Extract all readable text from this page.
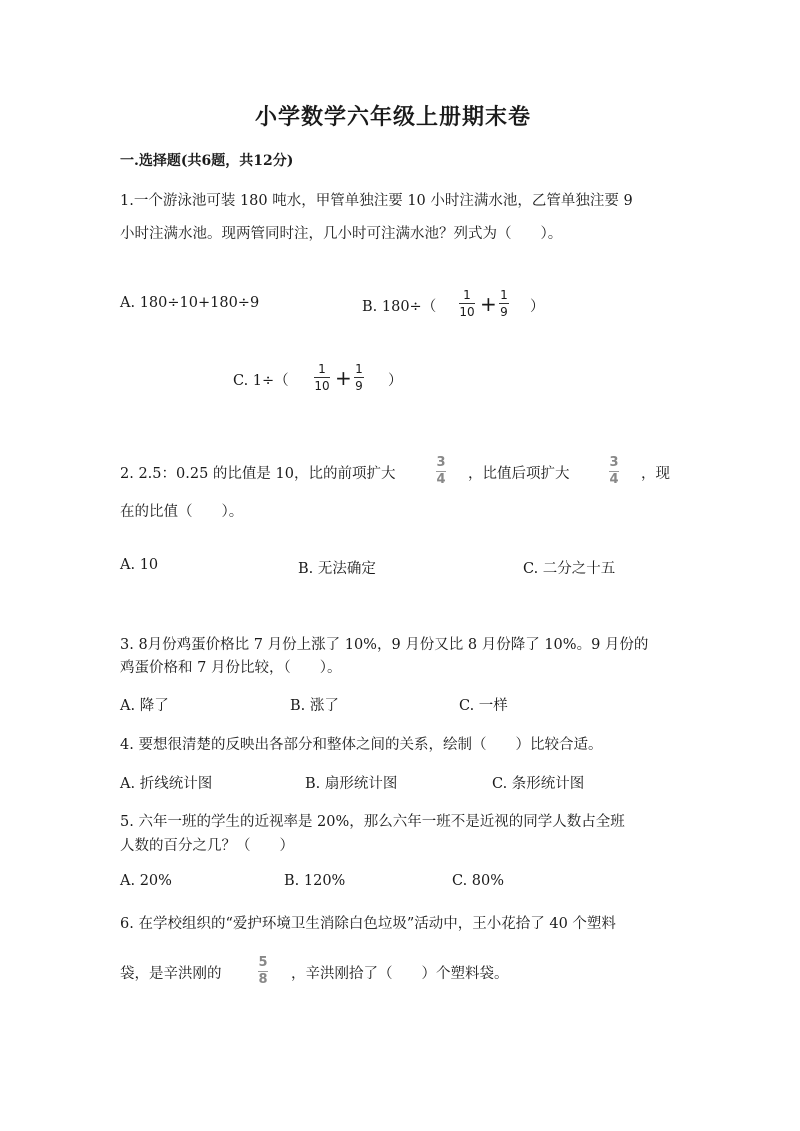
小学数学六年级上册期末卷
一.选择题(共6题，共12分)
1.一个游泳池可装 180 吨水，甲管单独注要 10 小时注满水池，乙管单独注要 9
小时注满水池。现两管同时注，几小时可注满水池？列式为（　　）。
A. 180÷10+180÷9	B. 180÷（
1
10 + 1
9 ）
C. 1÷（
1
10 + 1
9 ）
2. 2.5：0.25 的比值是 10，比的前项扩大
3
4 ，比值后项扩大
3
4 ，现
在的比值（　　）。
A. 10	B. 无法确定	C. 二分之十五
3. 8月份鸡蛋价格比 7 月份上涨了 10%，9 月份又比 8 月份降了 10%。9 月份的
鸡蛋价格和 7 月份比较，（　　）。
A. 降了	B. 涨了	C. 一样
4. 要想很清楚的反映出各部分和整体之间的关系，绘制（　　）比较合适。
A. 折线统计图	B. 扇形统计图	C. 条形统计图
5. 六年一班的学生的近视率是 20%，那么六年一班不是近视的同学人数占全班
人数的百分之几？（　　）
A. 20%	B. 120%	C. 80%
6. 在学校组织的“爱护环境卫生消除白色垃圾”活动中，王小花拾了 40 个塑料
袋，是辛洪刚的
5
8 ，辛洪刚拾了（　　）个塑料袋。
